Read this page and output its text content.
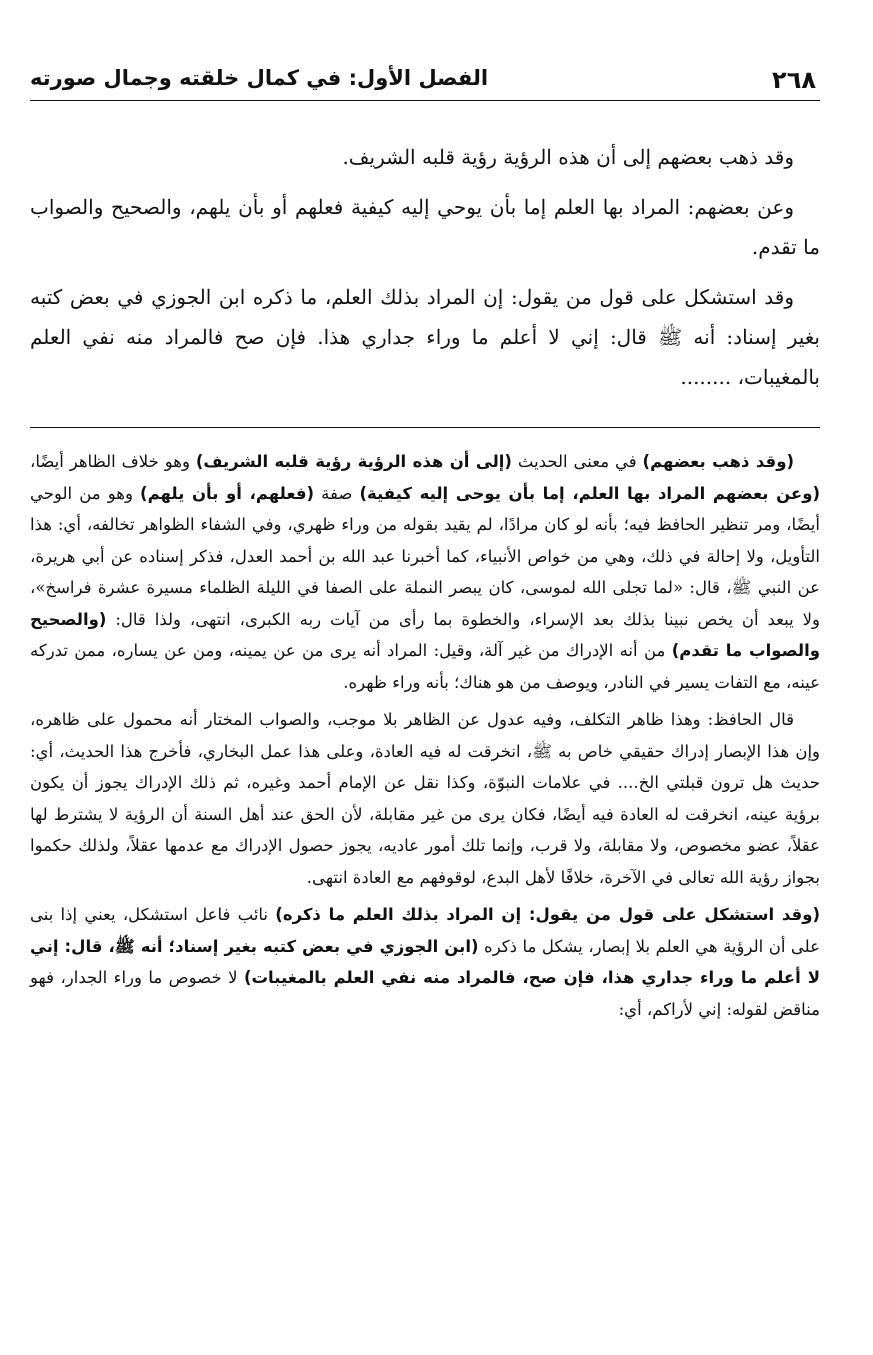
٢٦٨
الفصل الأول: في كمال خلقته وجمال صورته

وقد ذهب بعضهم إلى أن هذه الرؤية رؤية قلبه الشريف.

وعن بعضهم: المراد بها العلم إما بأن يوحي إليه كيفية فعلهم أو بأن يلهم، والصحيح والصواب ما تقدم.

وقد استشكل على قول من يقول: إن المراد بذلك العلم، ما ذكره ابن الجوزي في بعض كتبه بغير إسناد: أنه ﷺ قال: إني لا أعلم ما وراء جداري هذا. فإن صح فالمراد منه نفي العلم بالمغيبات، ........

(وقد ذهب بعضهم) في معنى الحديث (إلى أن هذه الرؤية رؤية قلبه الشريف) وهو خلاف الظاهر أيضًا، (وعن بعضهم المراد بها العلم، إما بأن يوحى إليه كيفية) صفة (فعلهم، أو بأن يلهم) وهو من الوحي أيضًا، ومر تنظير الحافظ فيه؛ بأنه لو كان مرادًا، لم يقيد بقوله من وراء ظهري، وفي الشفاء الظواهر تخالفه، أي: هذا التأويل، ولا إحالة في ذلك، وهي من خواص الأنبياء، كما أخبرنا عبد الله بن أحمد العدل، فذكر إسناده عن أبي هريرة، عن النبي ﷺ، قال: «لما تجلى الله لموسى، كان يبصر النملة على الصفا في الليلة الظلماء مسيرة عشرة فراسخ»، ولا يبعد أن يخص نبينا بذلك بعد الإسراء، والخطوة بما رأى من آيات ربه الكبرى، انتهى، ولذا قال: (والصحيح والصواب ما تقدم) من أنه الإدراك من غير آلة، وقيل: المراد أنه يرى من عن يمينه، ومن عن يساره، ممن تدركه عينه، مع التفات يسير في النادر، ويوصف من هو هناك؛ بأنه وراء ظهره.

قال الحافظ: وهذا ظاهر التكلف، وفيه عدول عن الظاهر بلا موجب، والصواب المختار أنه محمول على ظاهره، وإن هذا الإبصار إدراك حقيقي خاص به ﷺ، انخرقت له فيه العادة، وعلى هذا عمل البخاري، فأخرج هذا الحديث، أي: حديث هل ترون قبلتي الخ.... في علامات النبوّة، وكذا نقل عن الإمام أحمد وغيره، ثم ذلك الإدراك يجوز أن يكون برؤية عينه، انخرقت له العادة فيه أيضًا، فكان يرى من غير مقابلة، لأن الحق عند أهل السنة أن الرؤية لا يشترط لها عقلاً، عضو مخصوص، ولا مقابلة، ولا قرب، وإنما تلك أمور عاديه، يجوز حصول الإدراك مع عدمها عقلاً، ولذلك حكموا بجواز رؤية الله تعالى في الآخرة، خلافًا لأهل البدع، لوقوفهم مع العادة انتهى.

(وقد استشكل على قول من يقول: إن المراد بذلك العلم ما ذكره) نائب فاعل استشكل، يعني إذا بنى على أن الرؤية هي العلم بلا إبصار، يشكل ما ذكره (ابن الجوزي في بعض كتبه بغير إسناد؛ أنه ﷺ، قال: إني لا أعلم ما وراء جداري هذا، فإن صح، فالمراد منه نفي العلم بالمغيبات) لا خصوص ما وراء الجدار، فهو مناقض لقوله: إني لأراكم، أي:
